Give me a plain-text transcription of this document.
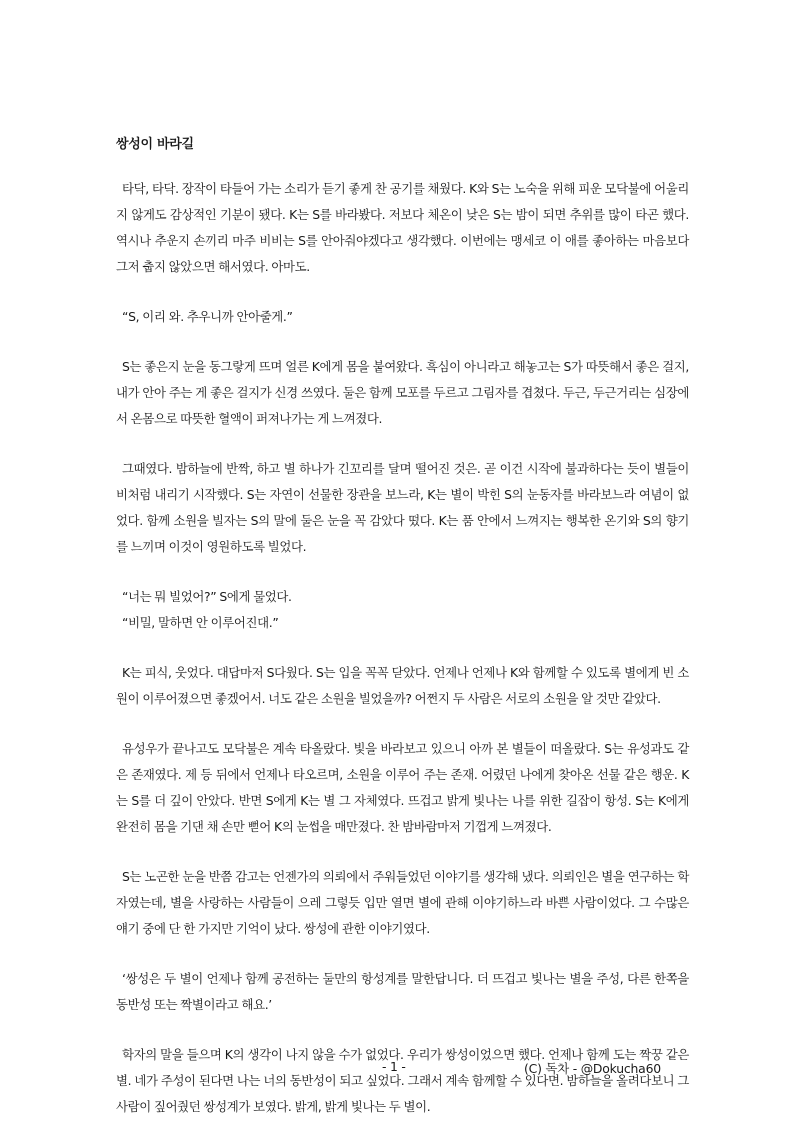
쌍성이 바라길

타닥, 타닥. 장작이 타들어 가는 소리가 듣기 좋게 찬 공기를 채웠다. K와 S는 노숙을 위해 피운 모닥불에 어울리지 않게도 감상적인 기분이 됐다. K는 S를 바라봤다. 저보다 체온이 낮은 S는 밤이 되면 추위를 많이 타곤 했다. 역시나 추운지 손끼리 마주 비비는 S를 안아줘야겠다고 생각했다. 이번에는 맹세코 이 애를 좋아하는 마음보다 그저 춥지 않았으면 해서였다. 아마도.

“S, 이리 와. 추우니까 안아줄게.”

S는 좋은지 눈을 동그랗게 뜨며 얼른 K에게 몸을 붙여왔다. 흑심이 아니라고 해놓고는 S가 따뜻해서 좋은 걸지, 내가 안아 주는 게 좋은 걸지가 신경 쓰였다. 둘은 함께 모포를 두르고 그림자를 겹쳤다. 두근, 두근거리는 심장에서 온몸으로 따뜻한 혈액이 퍼져나가는 게 느껴졌다.

그때였다. 밤하늘에 반짝, 하고 별 하나가 긴꼬리를 달며 떨어진 것은. 곧 이건 시작에 불과하다는 듯이 별들이 비처럼 내리기 시작했다. S는 자연이 선물한 장관을 보느라, K는 별이 박힌 S의 눈동자를 바라보느라 여념이 없었다. 함께 소원을 빌자는 S의 말에 둘은 눈을 꼭 감았다 떴다. K는 품 안에서 느껴지는 행복한 온기와 S의 향기를 느끼며 이것이 영원하도록 빌었다.

“너는 뭐 빌었어?” S에게 물었다.

“비밀, 말하면 안 이루어진대.”

K는 피식, 웃었다. 대답마저 S다웠다. S는 입을 꼭꼭 닫았다. 언제나 언제나 K와 함께할 수 있도록 별에게 빈 소원이 이루어졌으면 좋겠어서. 너도 같은 소원을 빌었을까? 어쩐지 두 사람은 서로의 소원을 알 것만 같았다.

유성우가 끝나고도 모닥불은 계속 타올랐다. 빛을 바라보고 있으니 아까 본 별들이 떠올랐다. S는 유성과도 같은 존재였다. 제 등 뒤에서 언제나 타오르며, 소원을 이루어 주는 존재. 어렸던 나에게 찾아온 선물 같은 행운. K는 S를 더 깊이 안았다. 반면 S에게 K는 별 그 자체였다. 뜨겁고 밝게 빛나는 나를 위한 길잡이 항성. S는 K에게 완전히 몸을 기댄 채 손만 뻗어 K의 눈썹을 매만졌다. 찬 밤바람마저 기껍게 느껴졌다.

S는 노곤한 눈을 반쯤 감고는 언젠가의 의뢰에서 주워들었던 이야기를 생각해 냈다. 의뢰인은 별을 연구하는 학자였는데, 별을 사랑하는 사람들이 으레 그렇듯 입만 열면 별에 관해 이야기하느라 바쁜 사람이었다. 그 수많은 얘기 중에 단 한 가지만 기억이 났다. 쌍성에 관한 이야기였다.

‘쌍성은 두 별이 언제나 함께 공전하는 둘만의 항성계를 말한답니다. 더 뜨겁고 빛나는 별을 주성, 다른 한쪽을 동반성 또는 짝별이라고 해요.’

학자의 말을 들으며 K의 생각이 나지 않을 수가 없었다. 우리가 쌍성이었으면 했다. 언제나 함께 도는 짝꿍 같은 별. 네가 주성이 된다면 나는 너의 동반성이 되고 싶었다. 그래서 계속 함께할 수 있다면. 밤하늘을 올려다보니 그 사람이 짚어줬던 쌍성계가 보였다. 밝게, 밝게 빛나는 두 별이.

- 1 -	(C) 독차 - @Dokucha60
